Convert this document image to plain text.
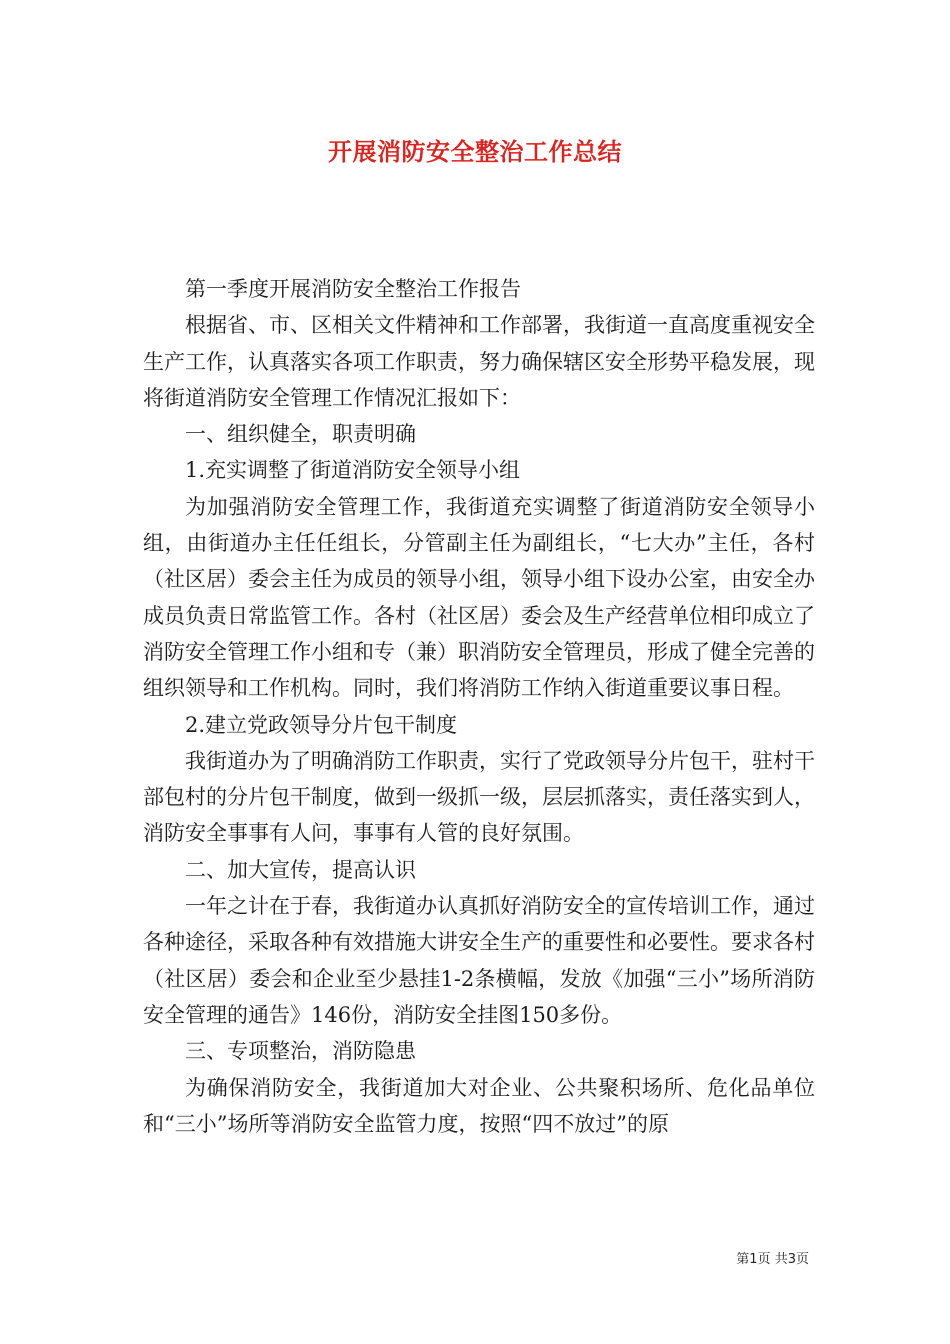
开展消防安全整治工作总结

第一季度开展消防安全整治工作报告

根据省、市、区相关文件精神和工作部署，我街道一直高度重视安全生产工作，认真落实各项工作职责，努力确保辖区安全形势平稳发展，现将街道消防安全管理工作情况汇报如下：

一、组织健全，职责明确

1.充实调整了街道消防安全领导小组

为加强消防安全管理工作，我街道充实调整了街道消防安全领导小组，由街道办主任任组长，分管副主任为副组长，“七大办”主任，各村（社区居）委会主任为成员的领导小组，领导小组下设办公室，由安全办成员负责日常监管工作。各村（社区居）委会及生产经营单位相印成立了消防安全管理工作小组和专（兼）职消防安全管理员，形成了健全完善的组织领导和工作机构。同时，我们将消防工作纳入街道重要议事日程。

2.建立党政领导分片包干制度

我街道办为了明确消防工作职责，实行了党政领导分片包干，驻村干部包村的分片包干制度，做到一级抓一级，层层抓落实，责任落实到人，消防安全事事有人问，事事有人管的良好氛围。

二、加大宣传，提高认识

一年之计在于春，我街道办认真抓好消防安全的宣传培训工作，通过各种途径，采取各种有效措施大讲安全生产的重要性和必要性。要求各村（社区居）委会和企业至少悬挂1-2条横幅，发放《加强“三小”场所消防安全管理的通告》146份，消防安全挂图150多份。

三、专项整治，消防隐患

为确保消防安全，我街道加大对企业、公共聚积场所、危化品单位和“三小”场所等消防安全监管力度，按照“四不放过”的原

第1页 共3页
